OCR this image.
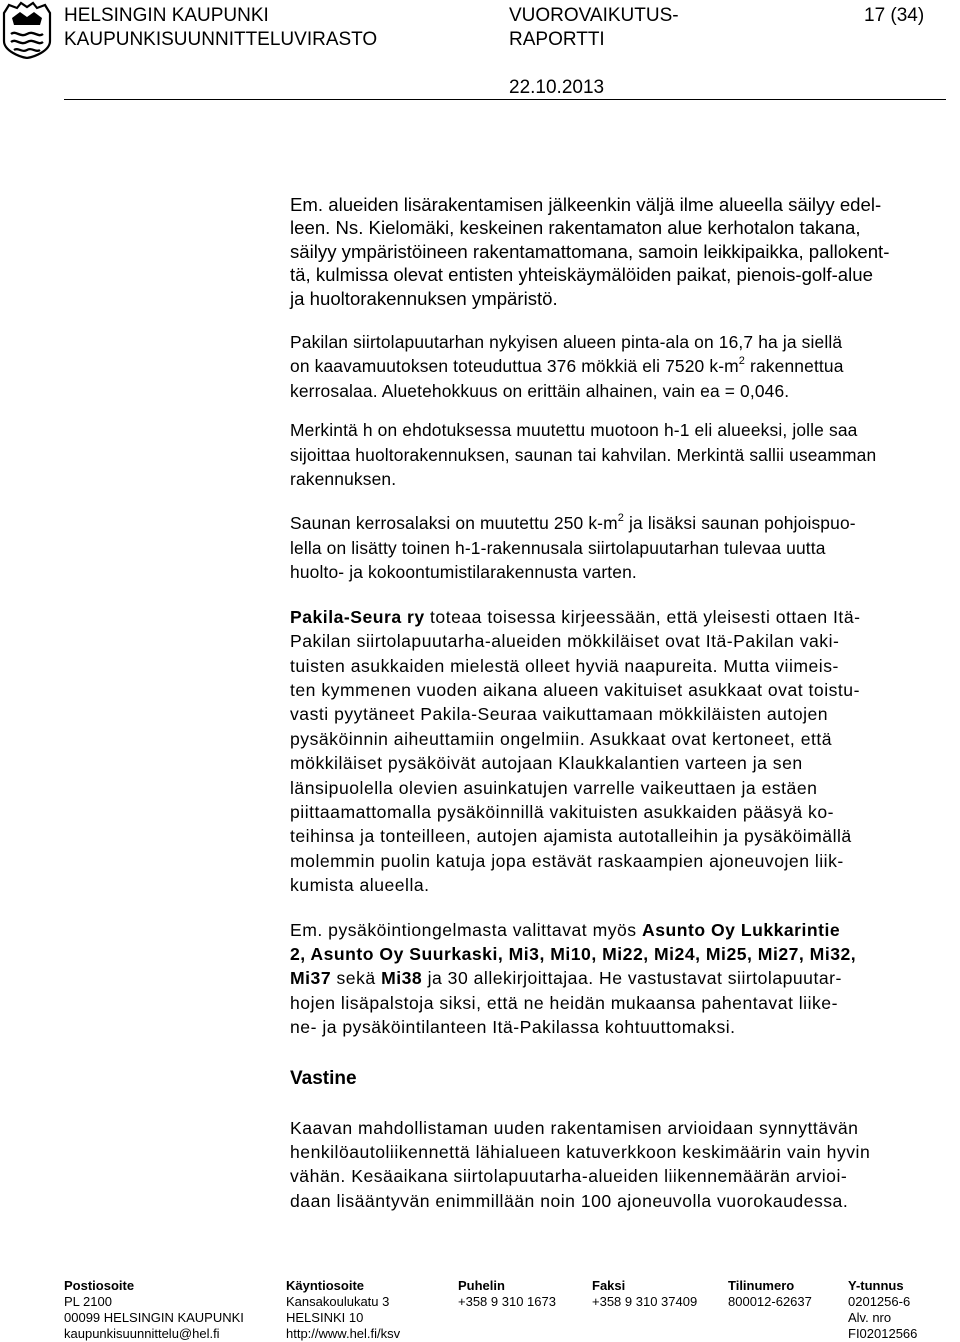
HELSINGIN KAUPUNKI
KAUPUNKISUUNNITTELUVIRASTO
VUOROVAIKUTUS-
RAPORTTI
17 (34)
22.10.2013
Em. alueiden lisärakentamisen jälkeenkin väljä ilme alueella säilyy edel-
leen. Ns. Kielomäki, keskeinen rakentamaton alue kerhotalon takana,
säilyy ympäristöineen rakentamattomana, samoin leikkipaikka, pallokent-
tä, kulmissa olevat entisten yhteiskäymälöiden paikat, pienois-golf-alue
ja huoltorakennuksen ympäristö.
Pakilan siirtolapuutarhan nykyisen alueen pinta-ala on 16,7 ha ja siellä
on kaavamuutoksen toteuduttua 376 mökkiä eli 7520 $k-m^2$ rakennettua
kerrosalaa. Aluetehokkuus on erittäin alhainen, vain ea = 0,046.
Merkintä h on ehdotuksessa muutettu muotoon h-1 eli alueeksi, jolle saa
sijoittaa huoltorakennuksen, saunan tai kahvilan. Merkintä sallii useamman
rakennuksen.
Saunan kerrosalaksi on muutettu 250 $k-m^2$ ja lisäksi saunan pohjoispuo-
lella on lisätty toinen h-1-rakennusala siirtolapuutarhan tulevaa uutta
huolto- ja kokoontumistilarakennusta varten.
Pakila-Seura ry toteaa toisessa kirjeessään, että yleisesti ottaen Itä-
Pakilan siirtolapuutarha-alueiden mökkiläiset ovat Itä-Pakilan vaki-
tuisten asukkaiden mielestä olleet hyviä naapureita. Mutta viimeis-
ten kymmenen vuoden aikana alueen vakituiset asukkaat ovat toistu-
vasti pyytäneet Pakila-Seuraa vaikuttamaan mökkiläisten autojen
pysäköinnin aiheuttamiin ongelmiin. Asukkaat ovat kertoneet, että
mökkiläiset pysäköivät autojaan Klaukkalantien varteen ja sen
länsipuolella olevien asuinkatujen varrelle vaikeuttaen ja estäen
piittaamattomalla pysäköinnillä vakituisten asukkaiden pääsyä ko-
teihinsa ja tonteilleen, autojen ajamista autotalleihin ja pysäköimällä
molemmin puolin katuja jopa estävät raskaampien ajoneuvojen liik-
kumista alueella.
Em. pysäköintiongelmasta valittavat myös Asunto Oy Lukkarintie
2, Asunto Oy Suurkaski, Mi3, Mi10, Mi22, Mi24, Mi25, Mi27, Mi32,
Mi37 sekä Mi38 ja 30 allekirjoittajaa. He vastustavat siirtolapuutar-
hojen lisäpalstoja siksi, että ne heidän mukaansa pahentavat liike-
ne- ja pysäköintilanteen Itä-Pakilassa kohtuuttomaksi.
Vastine
Kaavan mahdollistaman uuden rakentamisen arvioidaan synnyttävän
henkilöautoliikennettä lähialueen katuverkkoon keskimäärin vain hyvin
vähän. Kesäaikana siirtolapuutarha-alueiden liikennemäärän arvioi-
daan lisääntyvän enimmillään noin 100 ajoneuvolla vuorokaudessa.
Postiosoite
PL 2100
00099 HELSINGIN KAUPUNKI
kaupunkisuunnittelu@hel.fi
Käyntiosoite
Kansakoulukatu 3
HELSINKI 10
http://www.hel.fi/ksv
Puhelin
+358 9 310 1673
Faksi
+358 9 310 37409
Tilinumero
800012-62637
Y-tunnus
0201256-6
Alv. nro
FI02012566
